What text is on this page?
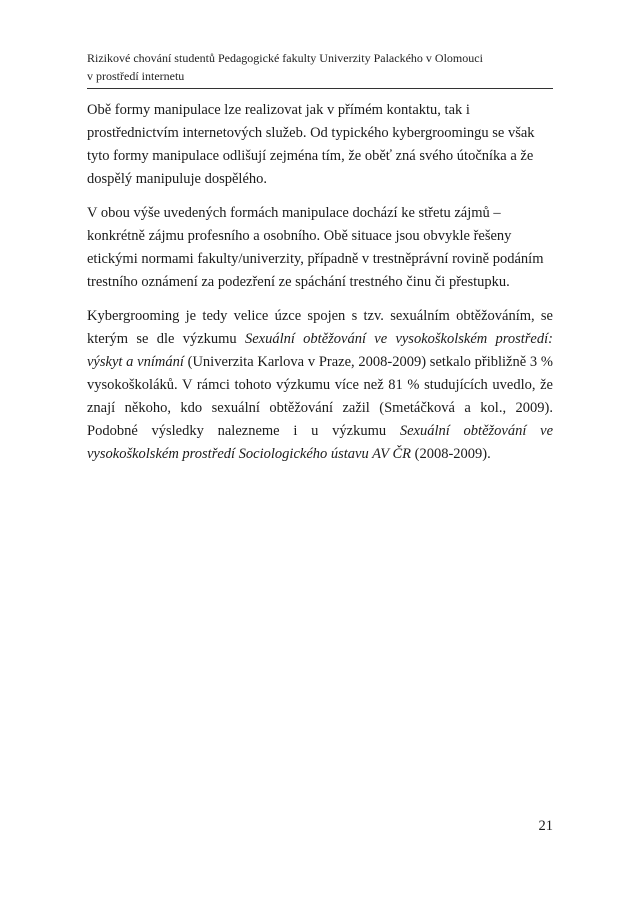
Rizikové chování studentů Pedagogické fakulty Univerzity Palackého v Olomouci
v prostředí internetu

Obě formy manipulace lze realizovat jak v přímém kontaktu, tak i prostřednictvím internetových služeb. Od typického kybergroomingu se však tyto formy manipulace odlišují zejména tím, že oběť zná svého útočníka a že dospělý manipuluje dospělého.

V obou výše uvedených formách manipulace dochází ke střetu zájmů – konkrétně zájmu profesního a osobního. Obě situace jsou obvykle řešeny etickými normami fakulty/univerzity, případně v trestněprávní rovině podáním trestního oznámení za podezření ze spáchání trestného činu či přestupku.

Kybergrooming je tedy velice úzce spojen s tzv. sexuálním obtěžováním, se kterým se dle výzkumu Sexuální obtěžování ve vysokoškolském prostředí: výskyt a vnímání (Univerzita Karlova v Praze, 2008-2009) setkalo přibližně 3 % vysokoškoláků. V rámci tohoto výzkumu více než 81 % studujících uvedlo, že znají někoho, kdo sexuální obtěžování zažil (Smetáčková a kol., 2009). Podobné výsledky nalezneme i u výzkumu Sexuální obtěžování ve vysokoškolském prostředí Sociologického ústavu AV ČR (2008-2009).

21
